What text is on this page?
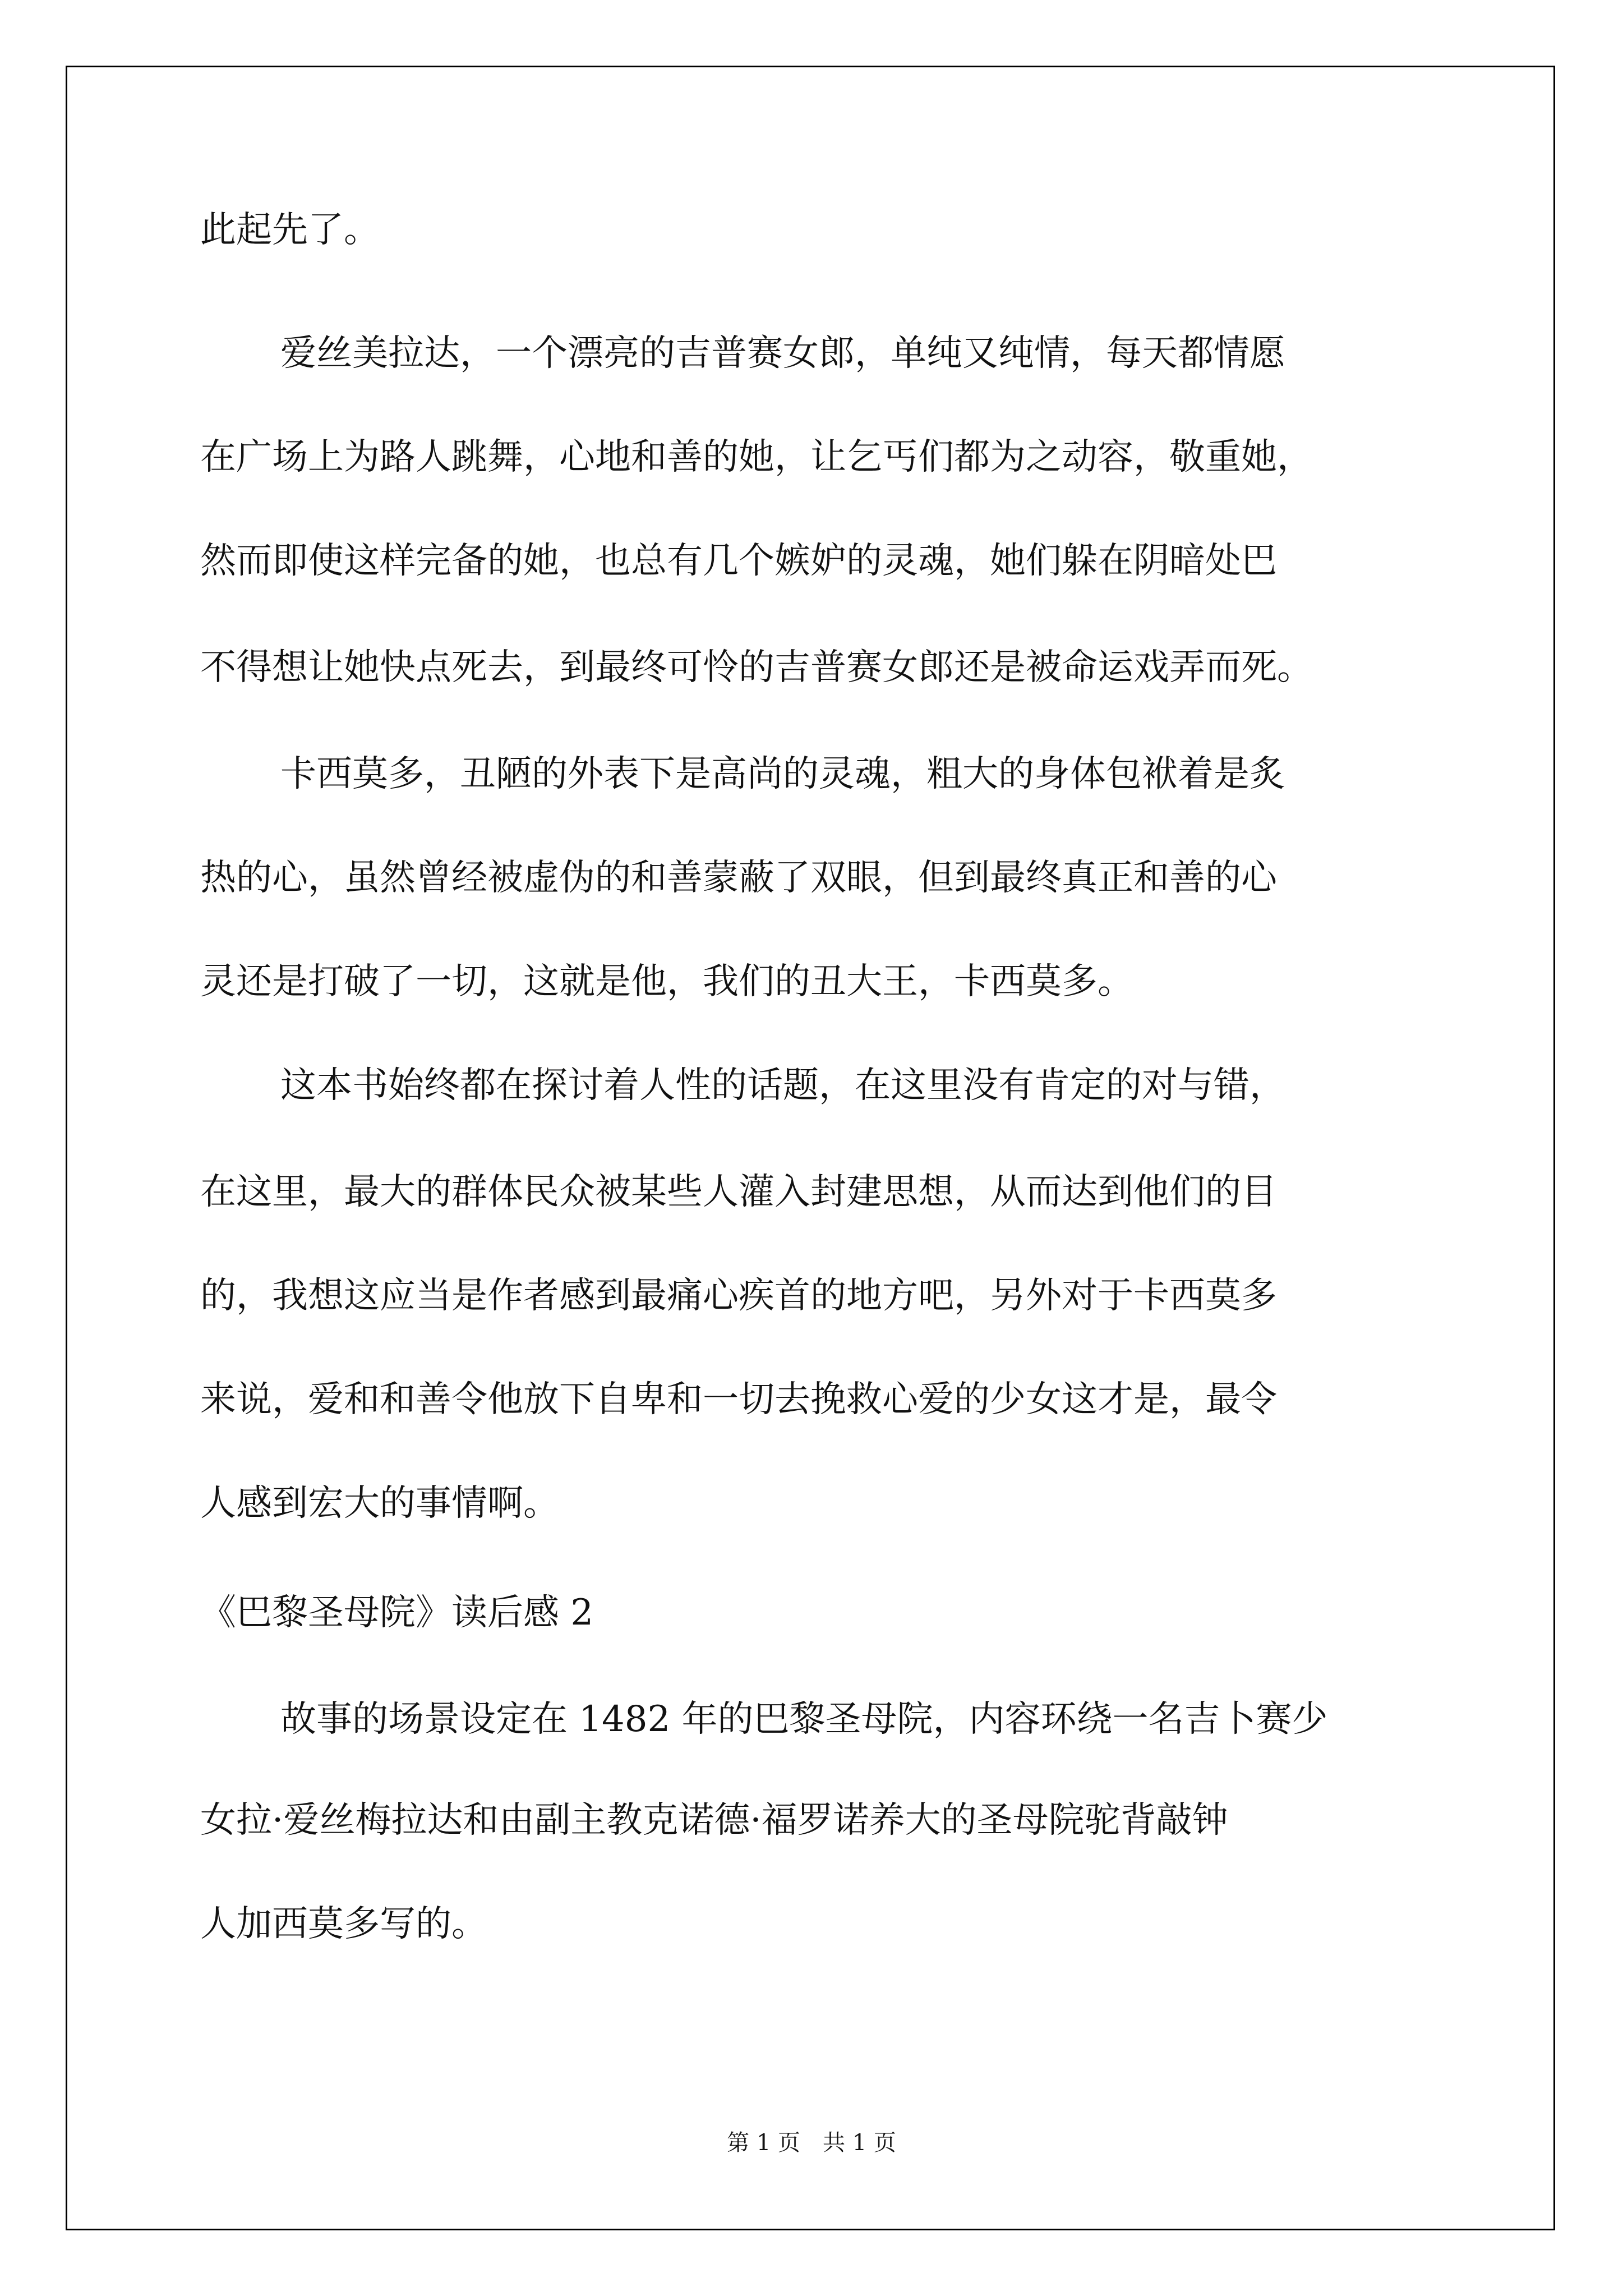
此起先了。
爱丝美拉达，一个漂亮的吉普赛女郎，单纯又纯情，每天都情愿
在广场上为路人跳舞，心地和善的她，让乞丐们都为之动容，敬重她，
然而即使这样完备的她，也总有几个嫉妒的灵魂，她们躲在阴暗处巴
不得想让她快点死去，到最终可怜的吉普赛女郎还是被命运戏弄而死。
卡西莫多，丑陋的外表下是高尚的灵魂，粗大的身体包袱着是炙
热的心，虽然曾经被虚伪的和善蒙蔽了双眼，但到最终真正和善的心
灵还是打破了一切，这就是他，我们的丑大王，卡西莫多。
这本书始终都在探讨着人性的话题，在这里没有肯定的对与错，
在这里，最大的群体民众被某些人灌入封建思想，从而达到他们的目
的，我想这应当是作者感到最痛心疾首的地方吧，另外对于卡西莫多
来说，爱和和善令他放下自卑和一切去挽救心爱的少女这才是，最令
人感到宏大的事情啊。
《巴黎圣母院》读后感 2
故事的场景设定在 1482 年的巴黎圣母院，内容环绕一名吉卜赛少
女拉·爱丝梅拉达和由副主教克诺德·福罗诺养大的圣母院驼背敲钟
人加西莫多写的。
第 1 页　共 1 页
